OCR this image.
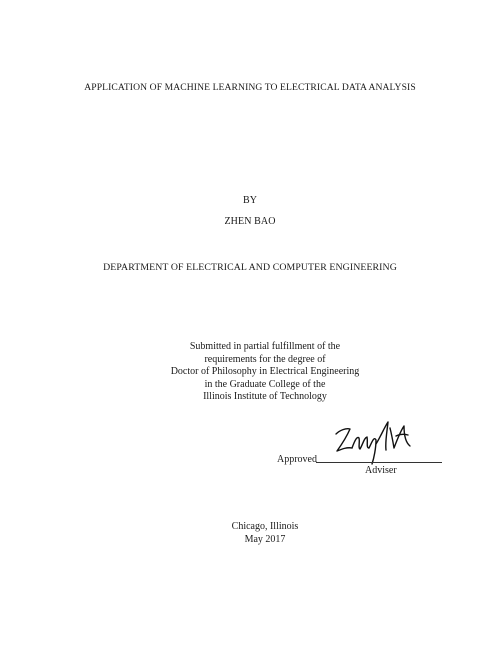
APPLICATION OF MACHINE LEARNING TO ELECTRICAL DATA ANALYSIS
BY
ZHEN BAO
DEPARTMENT OF ELECTRICAL AND COMPUTER ENGINEERING
Submitted in partial fulfillment of the
requirements for the degree of
Doctor of Philosophy in Electrical Engineering
in the Graduate College of the
Illinois Institute of Technology
Approved
Adviser
Chicago, Illinois
May 2017
